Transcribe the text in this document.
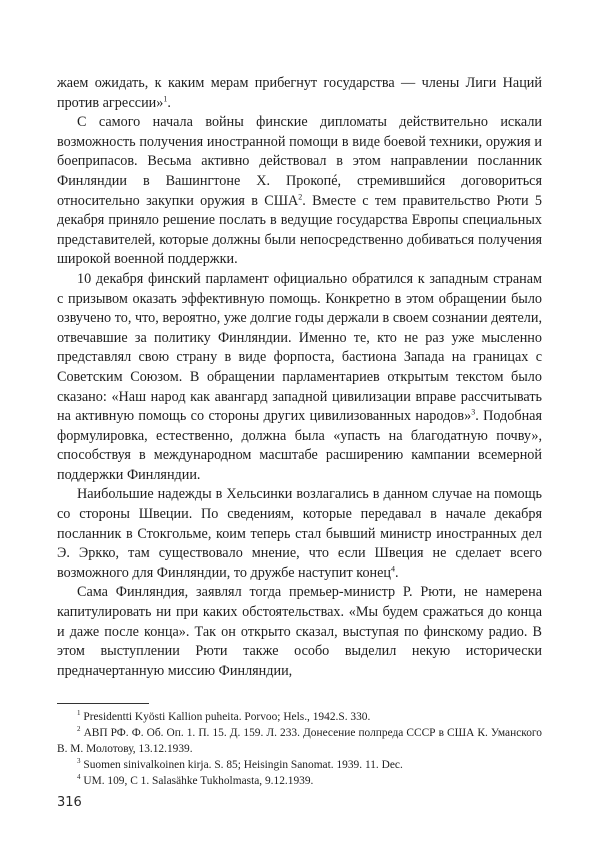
жаем ожидать, к каким мерам прибегнут государства — члены Лиги Наций против агрессии»$^1$.

С самого начала войны финские дипломаты действительно искали возможность получения иностранной помощи в виде боевой техники, оружия и боеприпасов. Весьма активно действовал в этом направлении посланник Финляндии в Вашингтоне Х. Прокопé, стремившийся договориться относительно закупки оружия в США$^2$. Вместе с тем правительство Рюти 5 декабря приняло решение послать в ведущие государства Европы специальных представителей, которые должны были непосредственно добиваться получения широкой военной поддержки.

10 декабря финский парламент официально обратился к западным странам с призывом оказать эффективную помощь. Конкретно в этом обращении было озвучено то, что, вероятно, уже долгие годы держали в своем сознании деятели, отвечавшие за политику Финляндии. Именно те, кто не раз уже мысленно представлял свою страну в виде форпоста, бастиона Запада на границах с Советским Союзом. В обращении парламентариев открытым текстом было сказано: «Наш народ как авангард западной цивилизации вправе рассчитывать на активную помощь со стороны других цивилизованных народов»$^3$. Подобная формулировка, естественно, должна была «упасть на благодатную почву», способствуя в международном масштабе расширению кампании всемерной поддержки Финляндии.

Наибольшие надежды в Хельсинки возлагались в данном случае на помощь со стороны Швеции. По сведениям, которые передавал в начале декабря посланник в Стокгольме, коим теперь стал бывший министр иностранных дел Э. Эркко, там существовало мнение, что если Швеция не сделает всего возможного для Финляндии, то дружбе наступит конец$^4$.

Сама Финляндия, заявлял тогда премьер-министр Р. Рюти, не намерена капитулировать ни при каких обстоятельствах. «Мы будем сражаться до конца и даже после конца». Так он открыто сказал, выступая по финскому радио. В этом выступлении Рюти также особо выделил некую исторически предначертанную миссию Финляндии,

$^1$ Presidentti Kyösti Kallion puheita. Porvoo; Hels., 1942.S. 330.

$^2$ АВП РФ. Ф. Об. Оп. 1. П. 15. Д. 159. Л. 233. Донесение полпреда СССР в США К. Уманского В. М. Молотову, 13.12.1939.

$^3$ Suomen sinivalkoinen kirja. S. 85; Heisingin Sanomat. 1939. 11. Dec.

$^4$ UM. 109, C 1. Salasähke Tukholmasta, 9.12.1939.

316
